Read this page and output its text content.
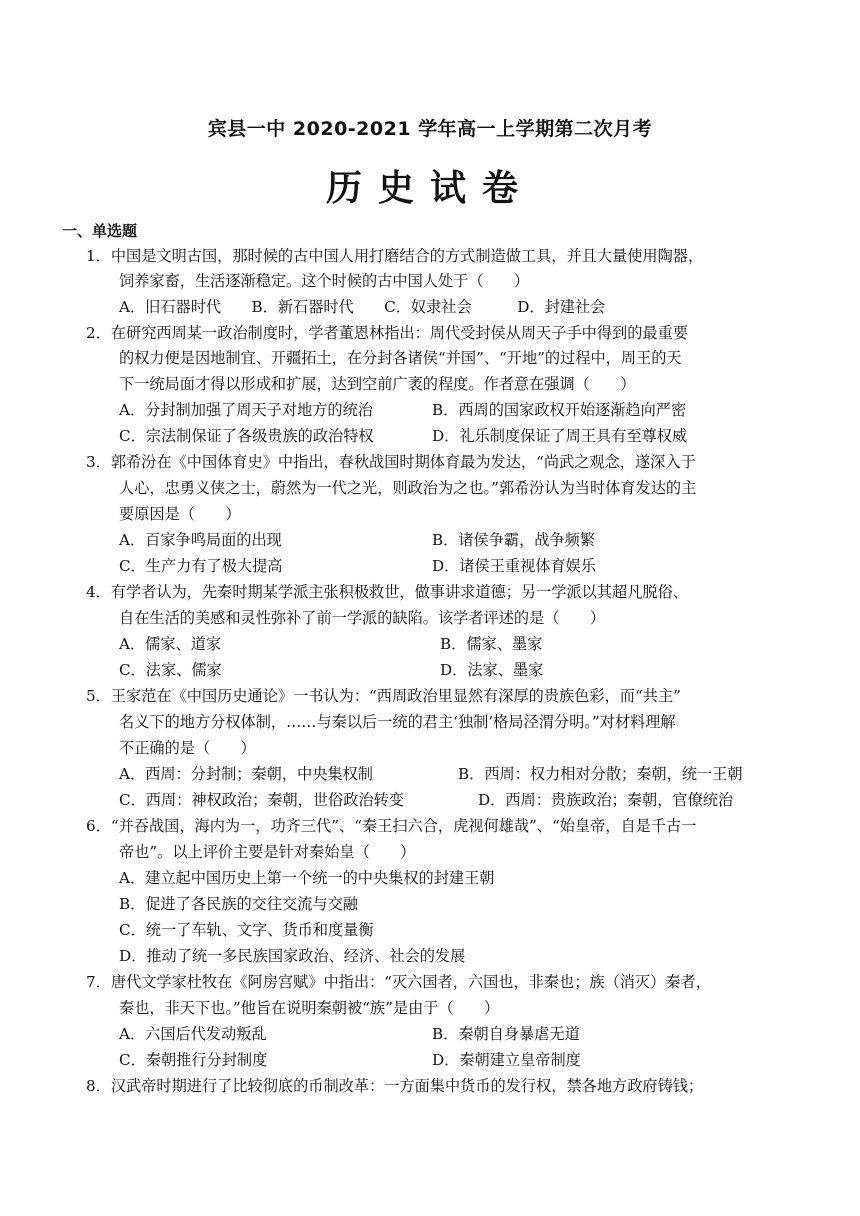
宾县一中 2020-2021 学年高一上学期第二次月考
历史试卷
一、单选题
1．中国是文明古国，那时候的古中国人用打磨结合的方式制造做工具，并且大量使用陶器，
饲养家畜，生活逐渐稳定。这个时候的古中国人处于（　　）
A．旧石器时代　　B．新石器时代　　C．奴隶社会　　　D．封建社会
2．在研究西周某一政治制度时，学者董恩林指出：周代受封侯从周天子手中得到的最重要
的权力便是因地制宜、开疆拓土，在分封各诸侯“并国”、“开地”的过程中，周王的天
下一统局面才得以形成和扩展，达到空前广袤的程度。作者意在强调（　　）
A．分封制加强了周天子对地方的统治	B．西周的国家政权开始逐渐趋向严密
C．宗法制保证了各级贵族的政治特权	D．礼乐制度保证了周王具有至尊权威
3．郭希汾在《中国体育史》中指出，春秋战国时期体育最为发达，“尚武之观念，遂深入于
人心，忠勇义侠之士，蔚然为一代之光，则政治为之也。”郭希汾认为当时体育发达的主
要原因是（　　）
A．百家争鸣局面的出现	B．诸侯争霸，战争频繁
C．生产力有了极大提高	D．诸侯王重视体育娱乐
4．有学者认为，先秦时期某学派主张积极救世，做事讲求道德；另一学派以其超凡脱俗、
自在生活的美感和灵性弥补了前一学派的缺陷。该学者评述的是（　　）
A．儒家、道家	B．儒家、墨家
C．法家、儒家	D．法家、墨家
5．王家范在《中国历史通论》一书认为：“西周政治里显然有深厚的贵族色彩，而“共主”
名义下的地方分权体制，……与秦以后一统的君主‘独制’格局泾渭分明。”对材料理解
不正确的是（　　）
A．西周：分封制；秦朝，中央集权制	B．西周：权力相对分散；秦朝，统一王朝
C．西周：神权政治；秦朝，世俗政治转变	D．西周：贵族政治；秦朝，官僚统治
6．“并吞战国，海内为一，功齐三代”、“秦王扫六合，虎视何雄哉”、“始皇帝，自是千古一
帝也”。以上评价主要是针对秦始皇（　　）
A．建立起中国历史上第一个统一的中央集权的封建王朝
B．促进了各民族的交往交流与交融
C．统一了车轨、文字、货币和度量衡
D．推动了统一多民族国家政治、经济、社会的发展
7．唐代文学家杜牧在《阿房宫赋》中指出：“灭六国者，六国也，非秦也；族（消灭）秦者，
秦也，非天下也。”他旨在说明秦朝被“族”是由于（　　）
A．六国后代发动叛乱	B．秦朝自身暴虐无道
C．秦朝推行分封制度	D．秦朝建立皇帝制度
8．汉武帝时期进行了比较彻底的币制改革：一方面集中货币的发行权，禁各地方政府铸钱；
